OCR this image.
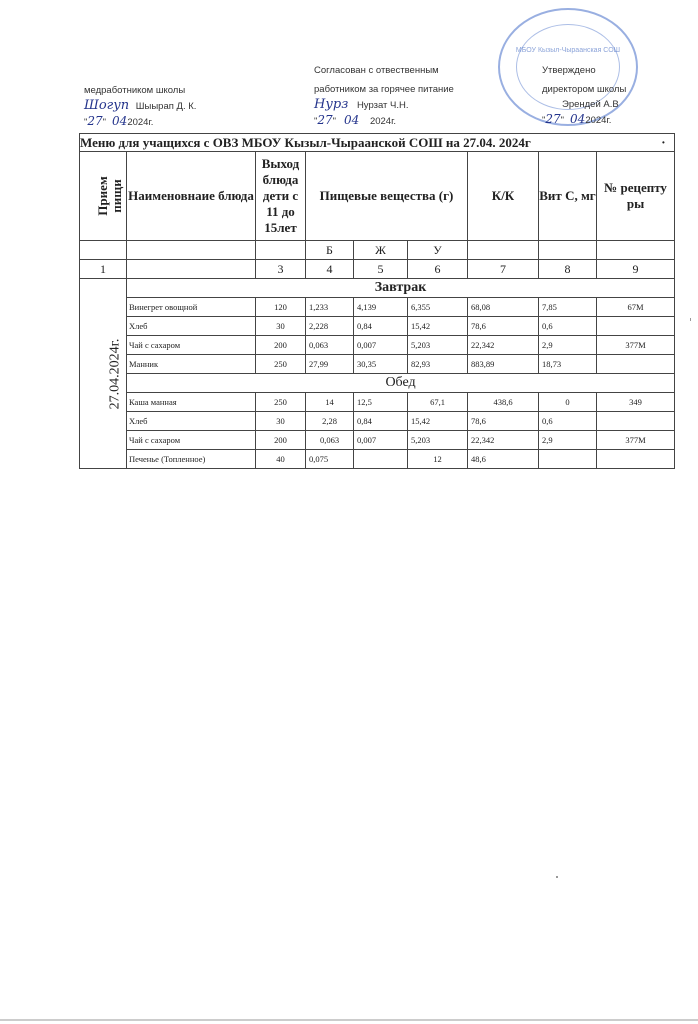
медработником школы
Шогуп Шыырап Д. К.
"27" 042024г.
Согласован с отвественным
работником за горячее питание
Нурз Нурзат Ч.Н.
"27" 04 2024г.
МБОУ Кызыл-Чыраанская СОШ
Утверждено
директором школы
Эрендей А.В
"27" 042024г.
•
Меню для учащихся с ОВЗ МБОУ Кызыл-Чыраанской СОШ на 27.04. 2024г								
Прием пищи	Наименовнаие блюда	Выход блюда дети с 11 до 15лет	Пищевые вещества (г)			К/К	Вит С, мг	№ рецепту ры
			Б	Ж	У			
1		3	4	5	6	7	8	9
27.04.2024г.	Завтрак							
	Винегрет овощной	120	1,233	4,139	6,355	68,08	7,85	67М
	Хлеб	30	2,228	0,84	15,42	78,6	0,6	
	Чай с сахаром	200	0,063	0,007	5,203	22,342	2,9	377М
	Манник	250	27,99	30,35	82,93	883,89	18,73	
	Обед							
	Каша манная	250	14	12,5	67,1	438,6	0	349
	Хлеб	30	2,28	0,84	15,42	78,6	0,6	
	Чай с сахаром	200	0,063	0,007	5,203	22,342	2,9	377М
	Печенье (Топленное)	40	0,075		12	48,6		
